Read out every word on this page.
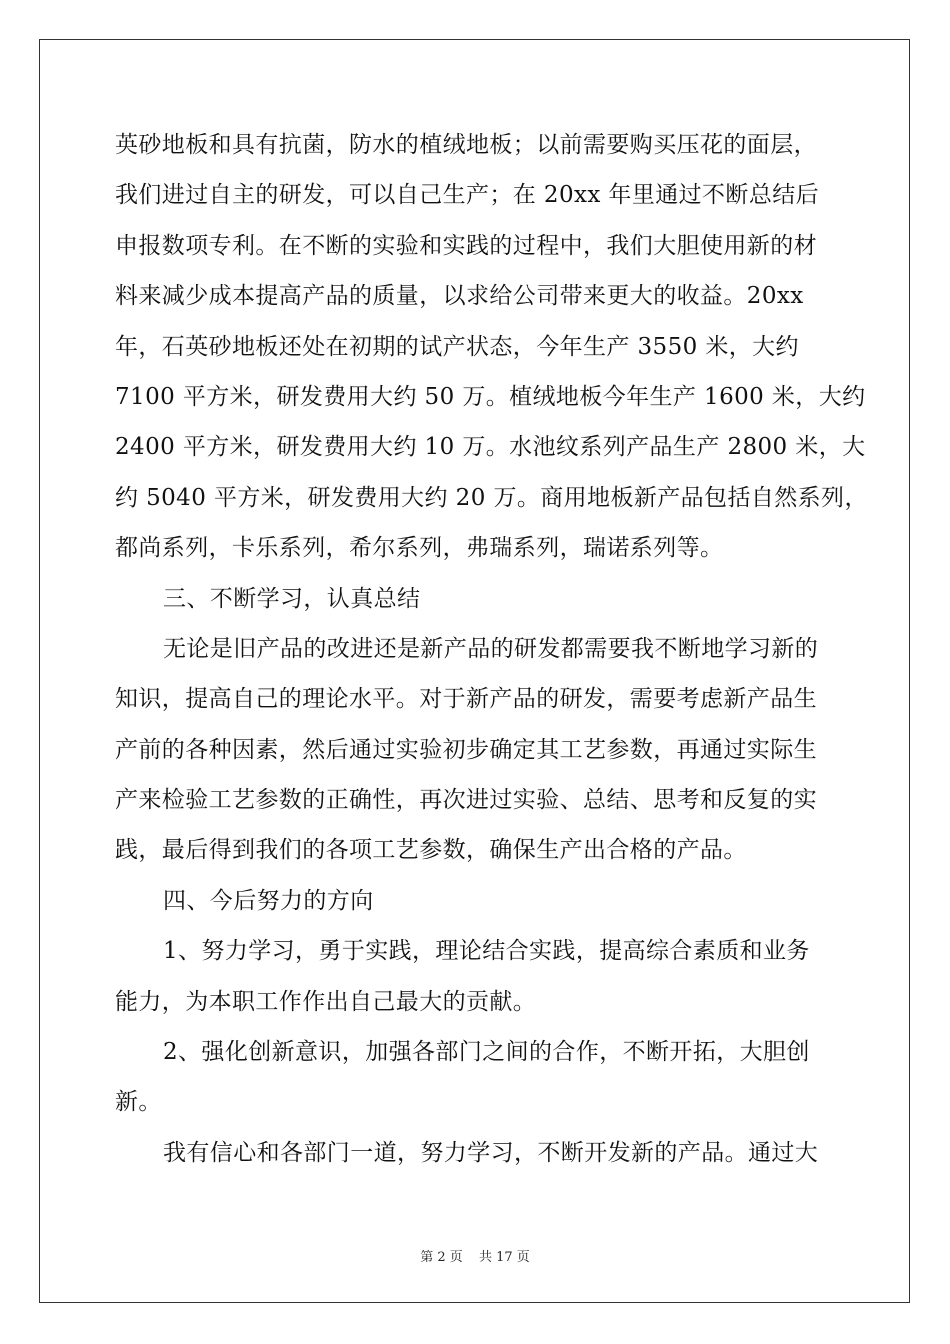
英砂地板和具有抗菌，防水的植绒地板；以前需要购买压花的面层，
我们进过自主的研发，可以自己生产；在 20xx 年里通过不断总结后
申报数项专利。在不断的实验和实践的过程中，我们大胆使用新的材
料来减少成本提高产品的质量，以求给公司带来更大的收益。20xx
年，石英砂地板还处在初期的试产状态，今年生产 3550 米，大约
7100 平方米，研发费用大约 50 万。植绒地板今年生产 1600 米，大约
2400 平方米，研发费用大约 10 万。水池纹系列产品生产 2800 米，大
约 5040 平方米，研发费用大约 20 万。商用地板新产品包括自然系列，
都尚系列，卡乐系列，希尔系列，弗瑞系列，瑞诺系列等。
三、不断学习，认真总结
无论是旧产品的改进还是新产品的研发都需要我不断地学习新的
知识，提高自己的理论水平。对于新产品的研发，需要考虑新产品生
产前的各种因素，然后通过实验初步确定其工艺参数，再通过实际生
产来检验工艺参数的正确性，再次进过实验、总结、思考和反复的实
践，最后得到我们的各项工艺参数，确保生产出合格的产品。
四、今后努力的方向
1、努力学习，勇于实践，理论结合实践，提高综合素质和业务
能力，为本职工作作出自己最大的贡献。
2、强化创新意识，加强各部门之间的合作，不断开拓，大胆创
新。
我有信心和各部门一道，努力学习，不断开发新的产品。通过大
第 2 页 共 17 页
